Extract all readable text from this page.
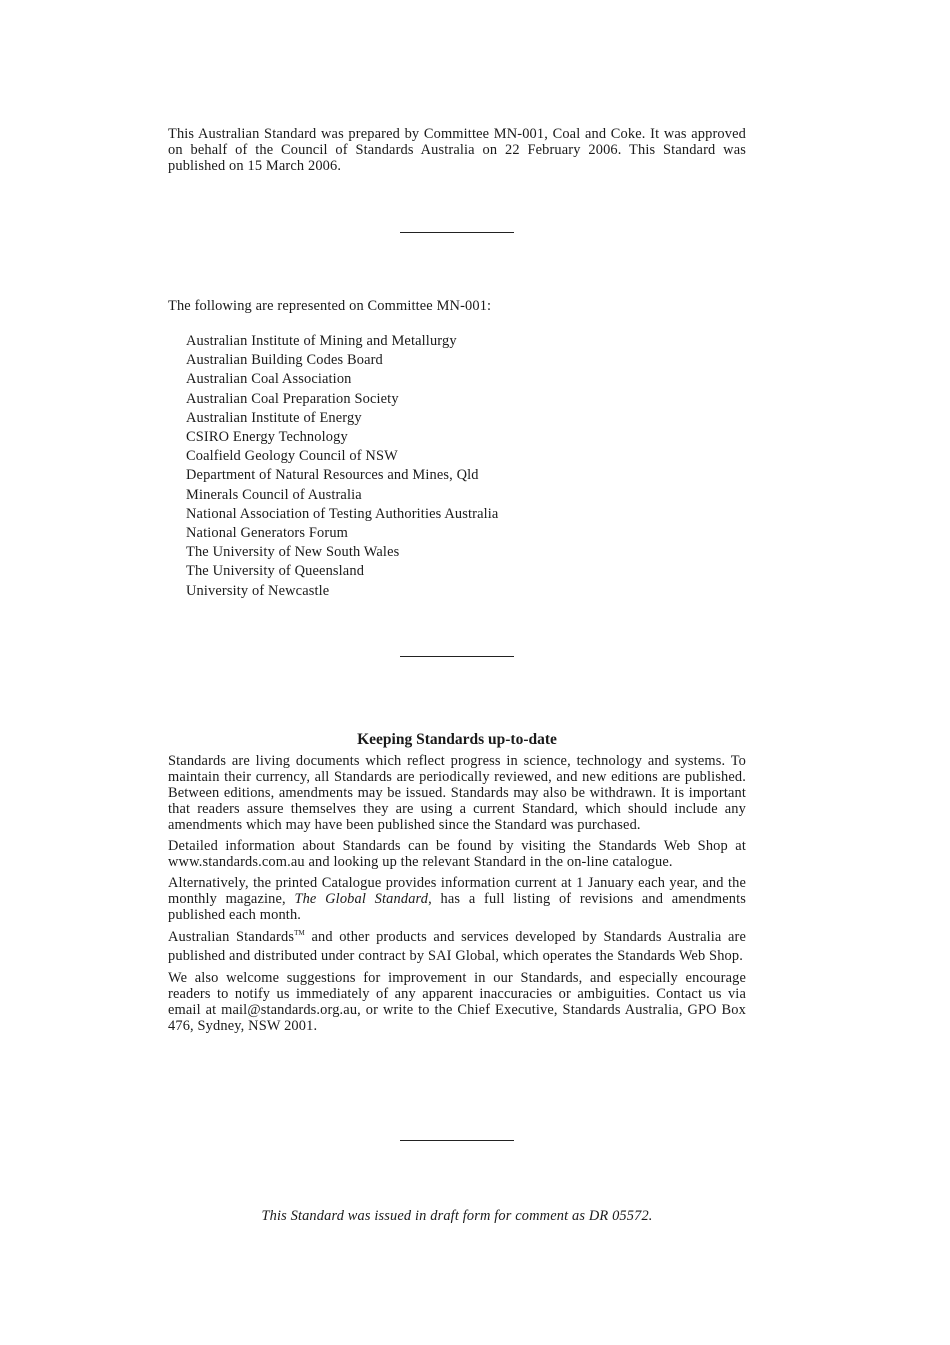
This Australian Standard was prepared by Committee MN-001, Coal and Coke. It was approved on behalf of the Council of Standards Australia on 22 February 2006. This Standard was published on 15 March 2006.
The following are represented on Committee MN-001:
Australian Institute of Mining and Metallurgy
Australian Building Codes Board
Australian Coal Association
Australian Coal Preparation Society
Australian Institute of Energy
CSIRO Energy Technology
Coalfield Geology Council of NSW
Department of Natural Resources and Mines, Qld
Minerals Council of Australia
National Association of Testing Authorities Australia
National Generators Forum
The University of New South Wales
The University of Queensland
University of Newcastle
Keeping Standards up-to-date

Standards are living documents which reflect progress in science, technology and systems. To maintain their currency, all Standards are periodically reviewed, and new editions are published. Between editions, amendments may be issued. Standards may also be withdrawn. It is important that readers assure themselves they are using a current Standard, which should include any amendments which may have been published since the Standard was purchased.

Detailed information about Standards can be found by visiting the Standards Web Shop at www.standards.com.au and looking up the relevant Standard in the on-line catalogue.

Alternatively, the printed Catalogue provides information current at 1 January each year, and the monthly magazine, The Global Standard, has a full listing of revisions and amendments published each month.

Australian Standards™ and other products and services developed by Standards Australia are published and distributed under contract by SAI Global, which operates the Standards Web Shop.

We also welcome suggestions for improvement in our Standards, and especially encourage readers to notify us immediately of any apparent inaccuracies or ambiguities. Contact us via email at mail@standards.org.au, or write to the Chief Executive, Standards Australia, GPO Box 476, Sydney, NSW 2001.

This Standard was issued in draft form for comment as DR 05572.
